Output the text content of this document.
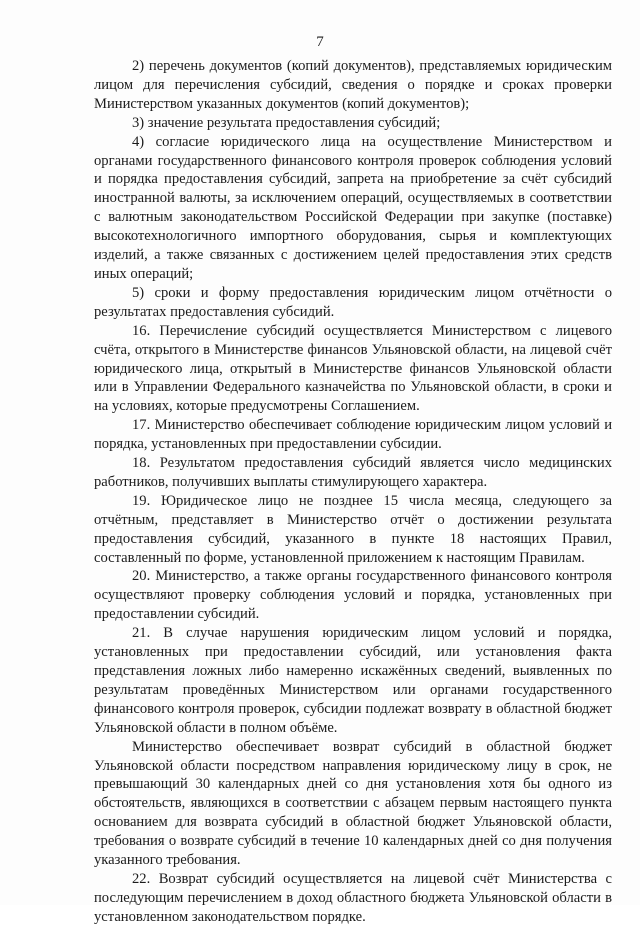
7

2) перечень документов (копий документов), представляемых юридическим лицом для перечисления субсидий, сведения о порядке и сроках проверки Министерством указанных документов (копий документов);

3) значение результата предоставления субсидий;

4) согласие юридического лица на осуществление Министерством и органами государственного финансового контроля проверок соблюдения условий и порядка предоставления субсидий, запрета на приобретение за счёт субсидий иностранной валюты, за исключением операций, осуществляемых в соответствии с валютным законодательством Российской Федерации при закупке (поставке) высокотехнологичного импортного оборудования, сырья и комплектующих изделий, а также связанных с достижением целей предоставления этих средств иных операций;

5) сроки и форму предоставления юридическим лицом отчётности о результатах предоставления субсидий.

16. Перечисление субсидий осуществляется Министерством с лицевого счёта, открытого в Министерстве финансов Ульяновской области, на лицевой счёт юридического лица, открытый в Министерстве финансов Ульяновской области или в Управлении Федерального казначейства по Ульяновской области, в сроки и на условиях, которые предусмотрены Соглашением.

17. Министерство обеспечивает соблюдение юридическим лицом условий и порядка, установленных при предоставлении субсидии.

18. Результатом предоставления субсидий является число медицинских работников, получивших выплаты стимулирующего характера.

19. Юридическое лицо не позднее 15 числа месяца, следующего за отчётным, представляет в Министерство отчёт о достижении результата предоставления субсидий, указанного в пункте 18 настоящих Правил, составленный по форме, установленной приложением к настоящим Правилам.

20. Министерство, а также органы государственного финансового контроля осуществляют проверку соблюдения условий и порядка, установленных при предоставлении субсидий.

21. В случае нарушения юридическим лицом условий и порядка, установленных при предоставлении субсидий, или установления факта представления ложных либо намеренно искажённых сведений, выявленных по результатам проведённых Министерством или органами государственного финансового контроля проверок, субсидии подлежат возврату в областной бюджет Ульяновской области в полном объёме.

Министерство обеспечивает возврат субсидий в областной бюджет Ульяновской области посредством направления юридическому лицу в срок, не превышающий 30 календарных дней со дня установления хотя бы одного из обстоятельств, являющихся в соответствии с абзацем первым настоящего пункта основанием для возврата субсидий в областной бюджет Ульяновской области, требования о возврате субсидий в течение 10 календарных дней со дня получения указанного требования.

22. Возврат субсидий осуществляется на лицевой счёт Министерства с последующим перечислением в доход областного бюджета Ульяновской области в установленном законодательством порядке.
